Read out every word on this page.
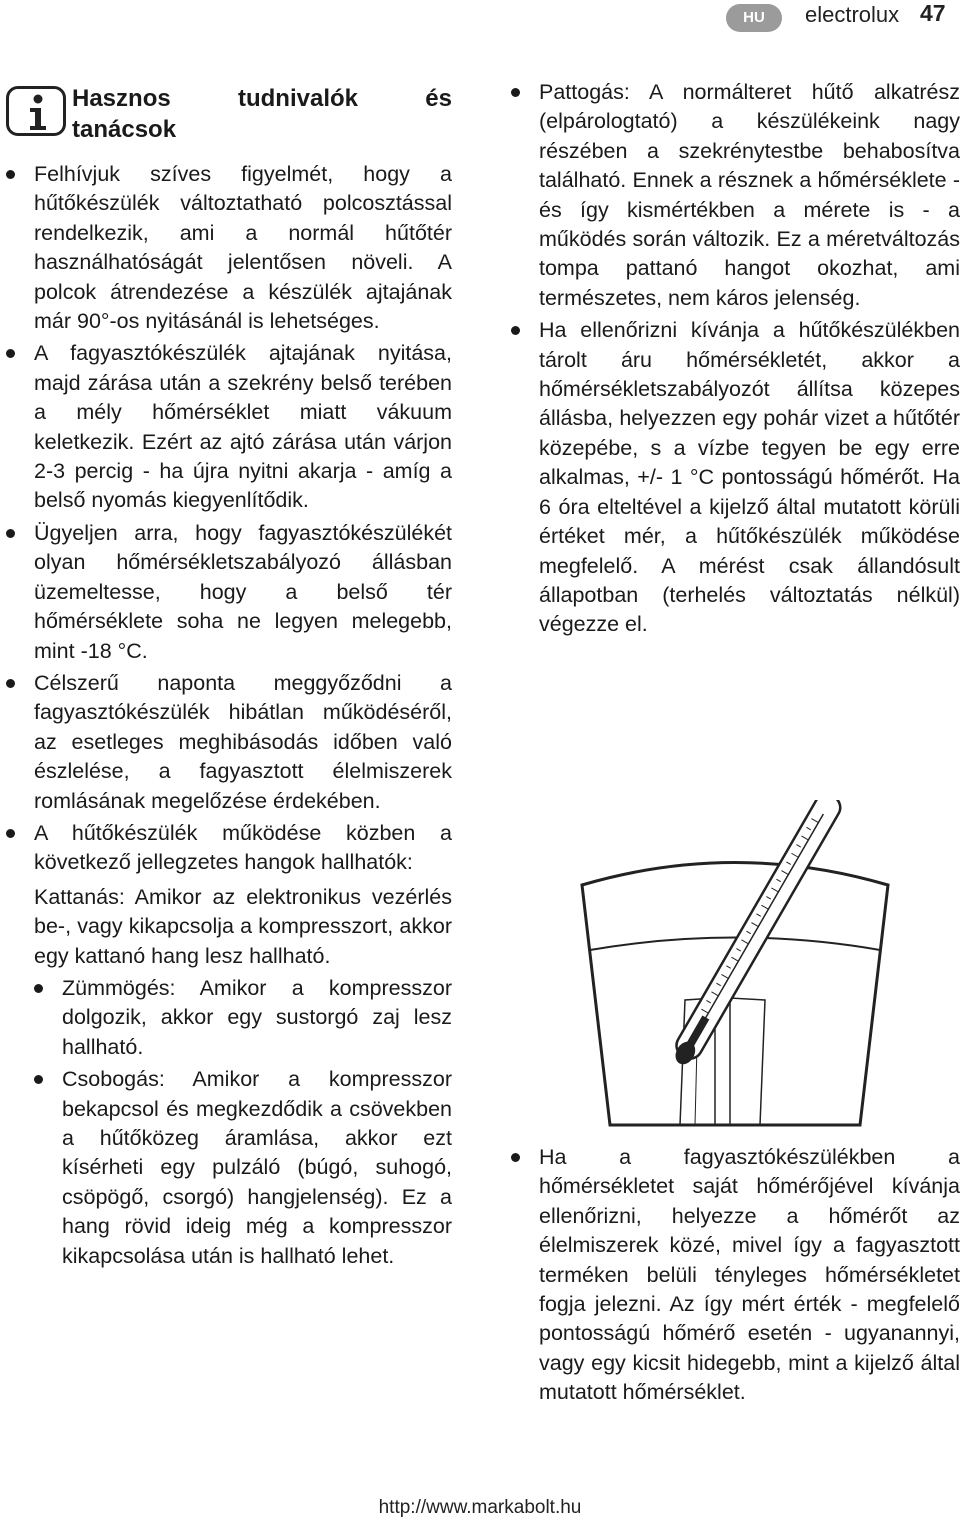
HU	electrolux 47
Hasznos	tudnivalók	és
tanácsok
Felhívjuk szíves figyelmét, hogy a hűtőkészülék változtatható polcosztással rendelkezik, ami a normál hűtőtér használhatóságát jelentősen növeli. A polcok átrendezése a készülék ajtajának már 90°-os nyitásánál is lehetséges.
A fagyasztókészülék ajtajának nyitása, majd zárása után a szekrény belső terében a mély hőmérséklet miatt vákuum keletkezik. Ezért az ajtó zárása után várjon 2-3 percig - ha újra nyitni akarja - amíg a belső nyomás kiegyenlítődik.
Ügyeljen arra, hogy fagyasztókészülékét olyan hőmérsékletszabályozó állásban üzemeltesse, hogy a belső tér hőmérséklete soha ne legyen melegebb, mint -18 °C.
Célszerű naponta meggyőződni a fagyasztókészülék hibátlan működéséről, az esetleges meghibásodás időben való észlelése, a fagyasztott élelmiszerek romlásának megelőzése érdekében.
A hűtőkészülék működése közben a következő jellegzetes hangok hallhatók:
Kattanás: Amikor az elektronikus vezérlés be-, vagy kikapcsolja a kompresszort, akkor egy kattanó hang lesz hallható.
Zümmögés: Amikor a kompresszor dolgozik, akkor egy sustorgó zaj lesz hallható.
Csobogás: Amikor a kompresszor bekapcsol és megkezdődik a csövekben a hűtőközeg áramlása, akkor ezt kísérheti egy pulzáló (búgó, suhogó, csöpögő, csorgó) hangjelenség). Ez a hang rövid ideig még a kompresszor kikapcsolása után is hallható lehet.
Pattogás: A normálteret hűtő alkatrész (elpárologtató) a készülékeink nagy részében a szekrénytestbe behabosítva található. Ennek a résznek a hőmérséklete - és így kismértékben a mérete is - a működés során változik. Ez a méretváltozás tompa pattanó hangot okozhat, ami természetes, nem káros jelenség.
Ha ellenőrizni kívánja a hűtőkészülékben tárolt áru hőmérsékletét, akkor a hőmérsékletszabályozót állítsa közepes állásba, helyezzen egy pohár vizet a hűtőtér közepébe, s a vízbe tegyen be egy erre alkalmas, +/- 1 °C pontosságú hőmérőt. Ha 6 óra elteltével a kijelző által mutatott körüli értéket mér, a hűtőkészülék működése megfelelő. A mérést csak állandósult állapotban (terhelés változtatás nélkül) végezze el.
Ha a fagyasztókészülékben a hőmérsékletet saját hőmérőjével kívánja ellenőrizni, helyezze a hőmérőt az élelmiszerek közé, mivel így a fagyasztott terméken belüli tényleges hőmérsékletet fogja jelezni. Az így mért érték - megfelelő pontosságú hőmérő esetén - ugyanannyi, vagy egy kicsit hidegebb, mint a kijelző által mutatott hőmérséklet.
http://www.markabolt.hu
